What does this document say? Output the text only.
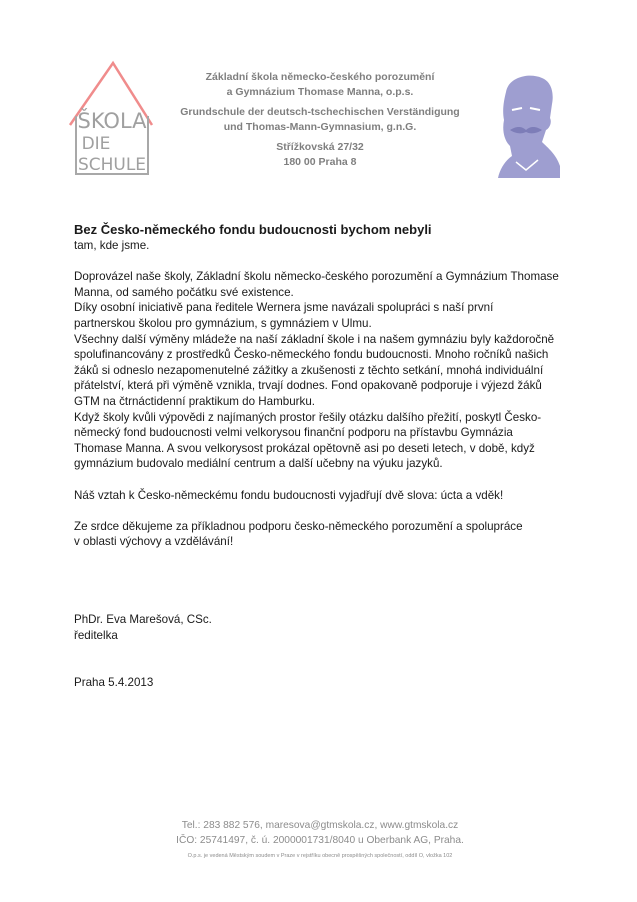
ŠKOLA
DIE
SCHULE
Základní škola německo-českého porozumění
a Gymnázium Thomase Manna, o.p.s.
Grundschule der deutsch-tschechischen Verständigung
und Thomas-Mann-Gymnasium, g.n.G.
Střížkovská 27/32
180 00 Praha 8
Bez Česko-německého fondu budoucnosti bychom nebyli
tam, kde jsme.
Doprovázel naše školy, Základní školu německo-českého porozumění a Gymnázium Thomase
Manna, od samého počátku své existence.
Díky osobní iniciativě pana ředitele Wernera jsme navázali spolupráci s naší první
partnerskou školou pro gymnázium, s gymnáziem v Ulmu.
Všechny další výměny mládeže na naší základní škole i na našem gymnáziu byly každoročně
spolufinancovány z prostředků Česko-německého fondu budoucnosti. Mnoho ročníků našich
žáků si odneslo nezapomenutelné zážitky a zkušenosti z těchto setkání, mnohá individuální
přátelství, která při výměně vznikla, trvají dodnes. Fond opakovaně podporuje i výjezd žáků
GTM na čtrnáctidenní praktikum do Hamburku.
Když školy kvůli výpovědi z najímaných prostor řešily otázku dalšího přežití, poskytl Česko-
německý fond budoucnosti velmi velkorysou finanční podporu na přístavbu Gymnázia
Thomase Manna. A svou velkorysost prokázal opětovně asi po deseti letech, v době, když
gymnázium budovalo mediální centrum a další učebny na výuku jazyků.
Náš vztah k Česko-německému fondu budoucnosti vyjadřují dvě slova: úcta a vděk!
Ze srdce děkujeme za příkladnou podporu česko-německého porozumění a spolupráce
v oblasti výchovy a vzdělávání!
PhDr. Eva Marešová, CSc.
ředitelka
Praha 5.4.2013
Tel.: 283 882 576, maresova@gtmskola.cz, www.gtmskola.cz
IČO: 25741497, č. ú. 2000001731/8040 u Oberbank AG, Praha.
O.p.s. je vedená Městským soudem v Praze v rejstříku obecně prospěšných společností, oddíl O, vložka 102
